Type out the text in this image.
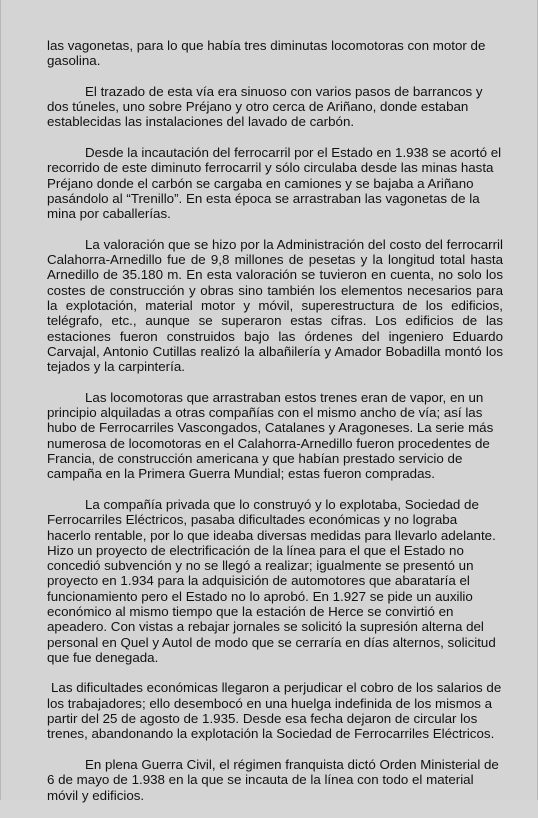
las vagonetas, para lo que había tres diminutas locomotoras con motor de gasolina.

El trazado de esta vía era sinuoso con varios pasos de barrancos y dos túneles, uno sobre Préjano y otro cerca de Ariñano, donde estaban establecidas las instalaciones del lavado de carbón.

Desde la incautación del ferrocarril por el Estado en 1.938 se acortó el recorrido de este diminuto ferrocarril y sólo circulaba desde las minas hasta Préjano donde el carbón se cargaba en camiones y se bajaba a Ariñano pasándolo al “Trenillo”. En esta época se arrastraban las vagonetas de la mina por caballerías.

La valoración que se hizo por la Administración del costo del ferrocarril Calahorra-Arnedillo fue de 9,8 millones de pesetas y la longitud total hasta Arnedillo de 35.180 m. En esta valoración se tuvieron en cuenta, no solo los costes de construcción y obras sino también los elementos necesarios para la explotación, material motor y móvil, superestructura de los edificios, telégrafo, etc., aunque se superaron estas cifras. Los edificios de las estaciones fueron construidos bajo las órdenes del ingeniero Eduardo Carvajal, Antonio Cutillas realizó la albañilería y Amador Bobadilla montó los tejados y la carpintería.

Las locomotoras que arrastraban estos trenes eran de vapor, en un principio alquiladas a otras compañías con el mismo ancho de vía; así las hubo de Ferrocarriles Vascongados, Catalanes y Aragoneses. La serie más numerosa de locomotoras en el Calahorra-Arnedillo fueron procedentes de Francia, de construcción americana y que habían prestado servicio de campaña en la Primera Guerra Mundial; estas fueron compradas.

La compañía privada que lo construyó y lo explotaba, Sociedad de Ferrocarriles Eléctricos, pasaba dificultades económicas y no lograba hacerlo rentable, por lo que ideaba diversas medidas para llevarlo adelante. Hizo un proyecto de electrificación de la línea para el que el Estado no concedió subvención y no se llegó a realizar; igualmente se presentó un proyecto en 1.934 para la adquisición de automotores que abarataría el funcionamiento pero el Estado no lo aprobó. En 1.927 se pide un auxilio económico al mismo tiempo que la estación de Herce se convirtió en apeadero. Con vistas a rebajar jornales se solicitó la supresión alterna del personal en Quel y Autol de modo que se cerraría en días alternos, solicitud que fue denegada.

Las dificultades económicas llegaron a perjudicar el cobro de los salarios de los trabajadores; ello desembocó en una huelga indefinida de los mismos a partir del 25 de agosto de 1.935. Desde esa fecha dejaron de circular los trenes, abandonando la explotación la Sociedad de Ferrocarriles Eléctricos.

En plena Guerra Civil, el régimen franquista dictó Orden Ministerial de 6 de mayo de 1.938 en la que se incauta de la línea con todo el material móvil y edificios.
